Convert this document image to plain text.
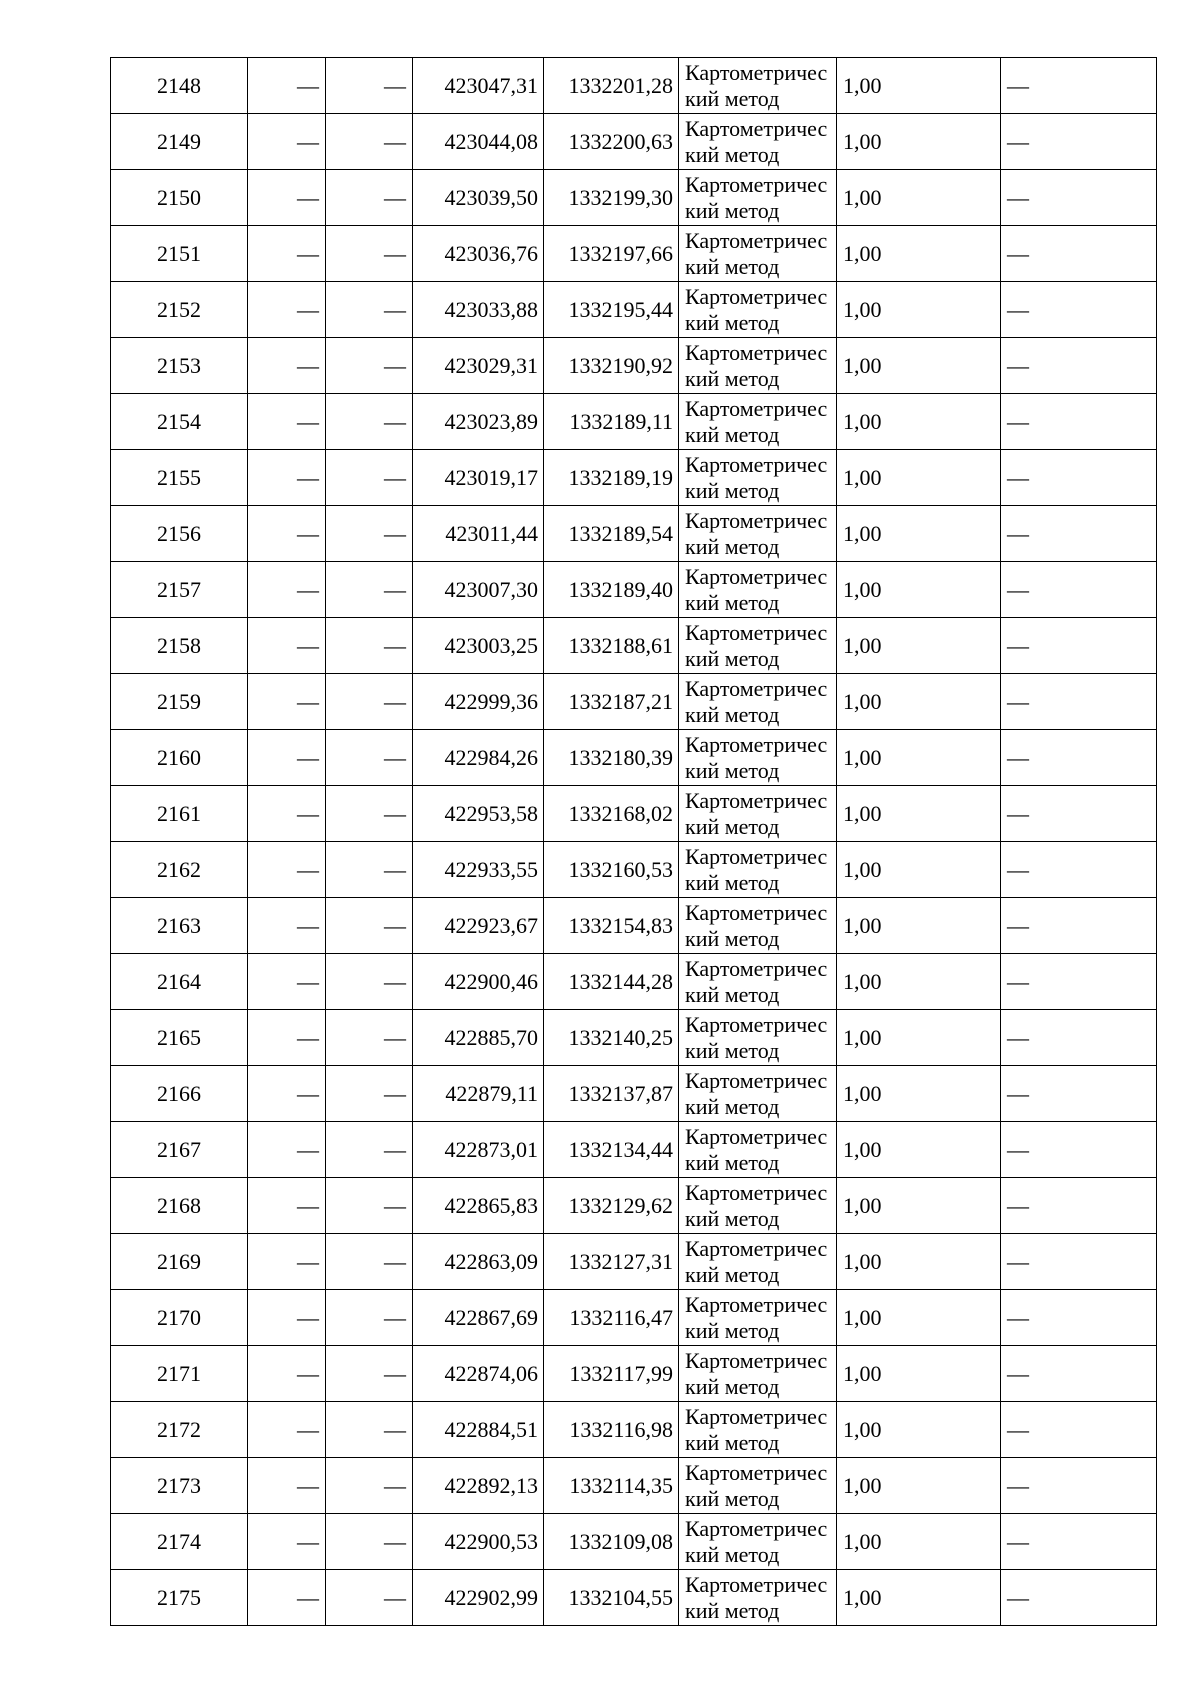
2148	—	—	423047,31	1332201,28	Картометрический метод	1,00	—
2149	—	—	423044,08	1332200,63	Картометрический метод	1,00	—
2150	—	—	423039,50	1332199,30	Картометрический метод	1,00	—
2151	—	—	423036,76	1332197,66	Картометрический метод	1,00	—
2152	—	—	423033,88	1332195,44	Картометрический метод	1,00	—
2153	—	—	423029,31	1332190,92	Картометрический метод	1,00	—
2154	—	—	423023,89	1332189,11	Картометрический метод	1,00	—
2155	—	—	423019,17	1332189,19	Картометрический метод	1,00	—
2156	—	—	423011,44	1332189,54	Картометрический метод	1,00	—
2157	—	—	423007,30	1332189,40	Картометрический метод	1,00	—
2158	—	—	423003,25	1332188,61	Картометрический метод	1,00	—
2159	—	—	422999,36	1332187,21	Картометрический метод	1,00	—
2160	—	—	422984,26	1332180,39	Картометрический метод	1,00	—
2161	—	—	422953,58	1332168,02	Картометрический метод	1,00	—
2162	—	—	422933,55	1332160,53	Картометрический метод	1,00	—
2163	—	—	422923,67	1332154,83	Картометрический метод	1,00	—
2164	—	—	422900,46	1332144,28	Картометрический метод	1,00	—
2165	—	—	422885,70	1332140,25	Картометрический метод	1,00	—
2166	—	—	422879,11	1332137,87	Картометрический метод	1,00	—
2167	—	—	422873,01	1332134,44	Картометрический метод	1,00	—
2168	—	—	422865,83	1332129,62	Картометрический метод	1,00	—
2169	—	—	422863,09	1332127,31	Картометрический метод	1,00	—
2170	—	—	422867,69	1332116,47	Картометрический метод	1,00	—
2171	—	—	422874,06	1332117,99	Картометрический метод	1,00	—
2172	—	—	422884,51	1332116,98	Картометрический метод	1,00	—
2173	—	—	422892,13	1332114,35	Картометрический метод	1,00	—
2174	—	—	422900,53	1332109,08	Картометрический метод	1,00	—
2175	—	—	422902,99	1332104,55	Картометрический метод	1,00	—
